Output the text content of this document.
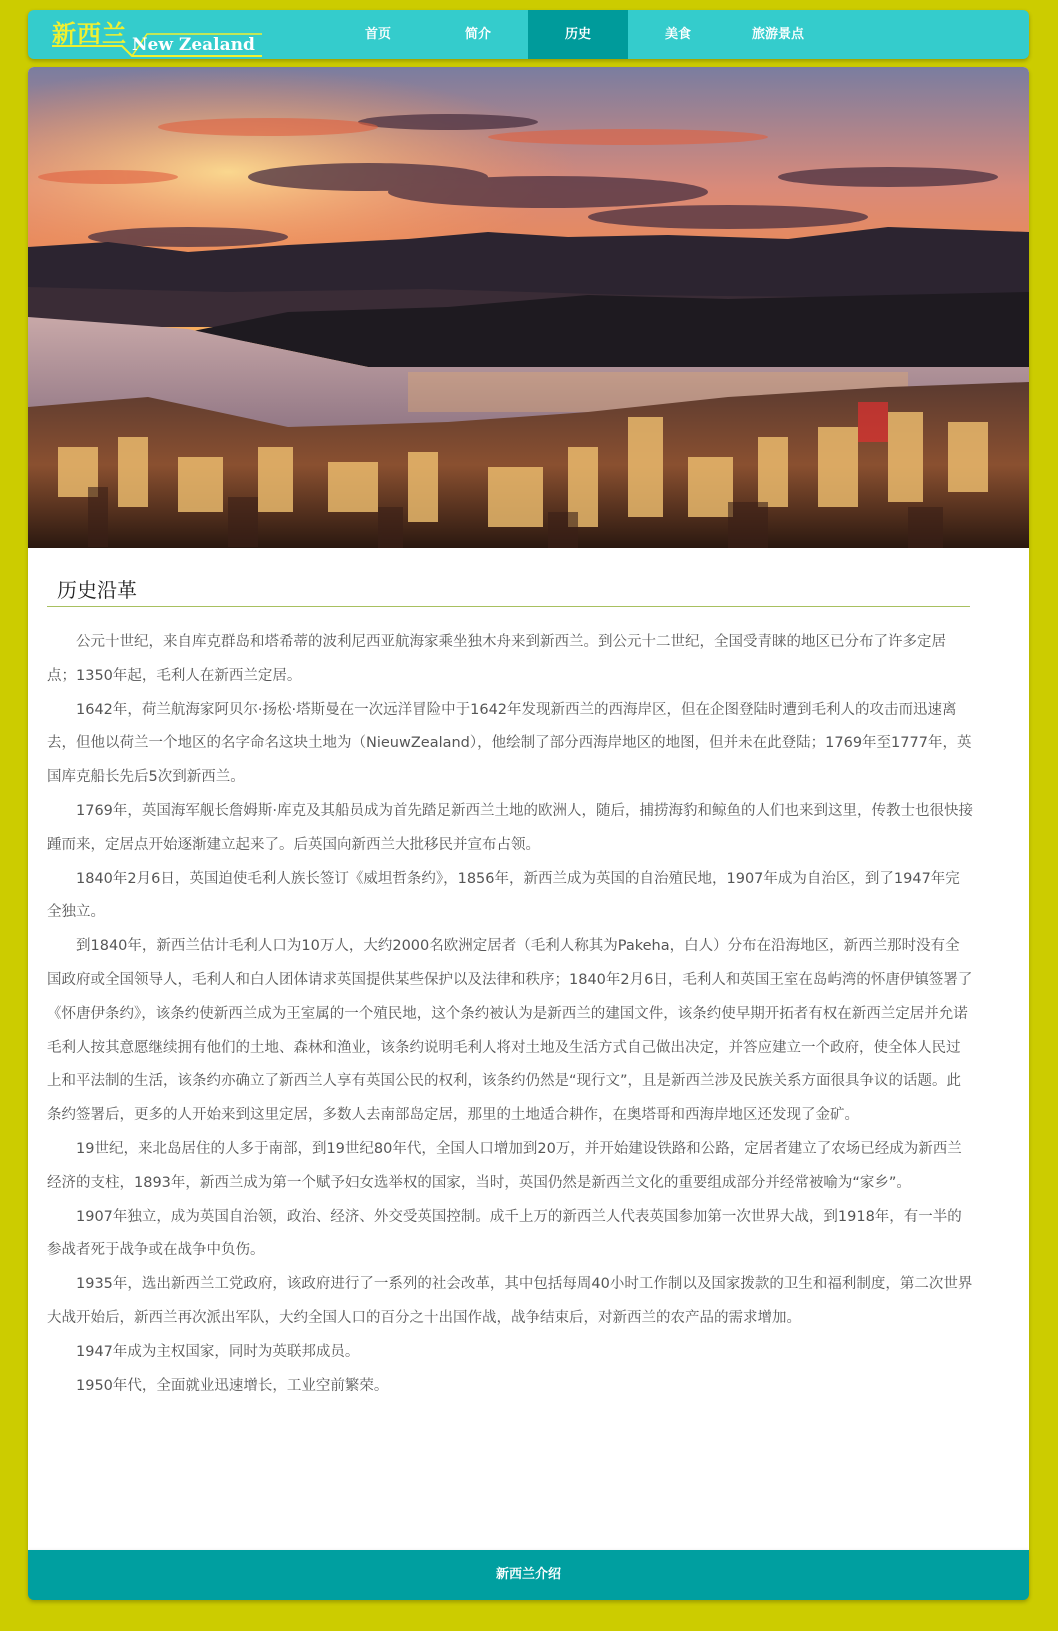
新西兰 New Zealand
首页	简介	历史	美食	旅游景点
历史沿革

公元十世纪，来自库克群岛和塔希蒂的波利尼西亚航海家乘坐独木舟来到新西兰。到公元十二世纪，全国受青睐的地区已分布了许多定居点；1350年起，毛利人在新西兰定居。

1642年，荷兰航海家阿贝尔·扬松·塔斯曼在一次远洋冒险中于1642年发现新西兰的西海岸区，但在企图登陆时遭到毛利人的攻击而迅速离去，但他以荷兰一个地区的名字命名这块土地为（NieuwZealand），他绘制了部分西海岸地区的地图，但并未在此登陆；1769年至1777年，英国库克船长先后5次到新西兰。

1769年，英国海军舰长詹姆斯·库克及其船员成为首先踏足新西兰土地的欧洲人，随后，捕捞海豹和鲸鱼的人们也来到这里，传教士也很快接踵而来，定居点开始逐渐建立起来了。后英国向新西兰大批移民并宣布占领。

1840年2月6日，英国迫使毛利人族长签订《威坦哲条约》，1856年，新西兰成为英国的自治殖民地，1907年成为自治区，到了1947年完全独立。

到1840年，新西兰估计毛利人口为10万人，大约2000名欧洲定居者（毛利人称其为Pakeha，白人）分布在沿海地区，新西兰那时没有全国政府或全国领导人，毛利人和白人团体请求英国提供某些保护以及法律和秩序；1840年2月6日，毛利人和英国王室在岛屿湾的怀唐伊镇签署了《怀唐伊条约》，该条约使新西兰成为王室属的一个殖民地，这个条约被认为是新西兰的建国文件，该条约使早期开拓者有权在新西兰定居并允诺毛利人按其意愿继续拥有他们的土地、森林和渔业，该条约说明毛利人将对土地及生活方式自己做出决定，并答应建立一个政府，使全体人民过上和平法制的生活，该条约亦确立了新西兰人享有英国公民的权利，该条约仍然是“现行文”，且是新西兰涉及民族关系方面很具争议的话题。此条约签署后，更多的人开始来到这里定居，多数人去南部岛定居，那里的土地适合耕作，在奥塔哥和西海岸地区还发现了金矿。

19世纪，来北岛居住的人多于南部，到19世纪80年代，全国人口增加到20万，并开始建设铁路和公路，定居者建立了农场已经成为新西兰经济的支柱，1893年，新西兰成为第一个赋予妇女选举权的国家，当时，英国仍然是新西兰文化的重要组成部分并经常被喻为“家乡”。

1907年独立，成为英国自治领，政治、经济、外交受英国控制。成千上万的新西兰人代表英国参加第一次世界大战，到1918年，有一半的参战者死于战争或在战争中负伤。

1935年，选出新西兰工党政府，该政府进行了一系列的社会改革，其中包括每周40小时工作制以及国家拨款的卫生和福利制度，第二次世界大战开始后，新西兰再次派出军队，大约全国人口的百分之十出国作战，战争结束后，对新西兰的农产品的需求增加。

1947年成为主权国家，同时为英联邦成员。

1950年代，全面就业迅速增长，工业空前繁荣。

新西兰介绍
